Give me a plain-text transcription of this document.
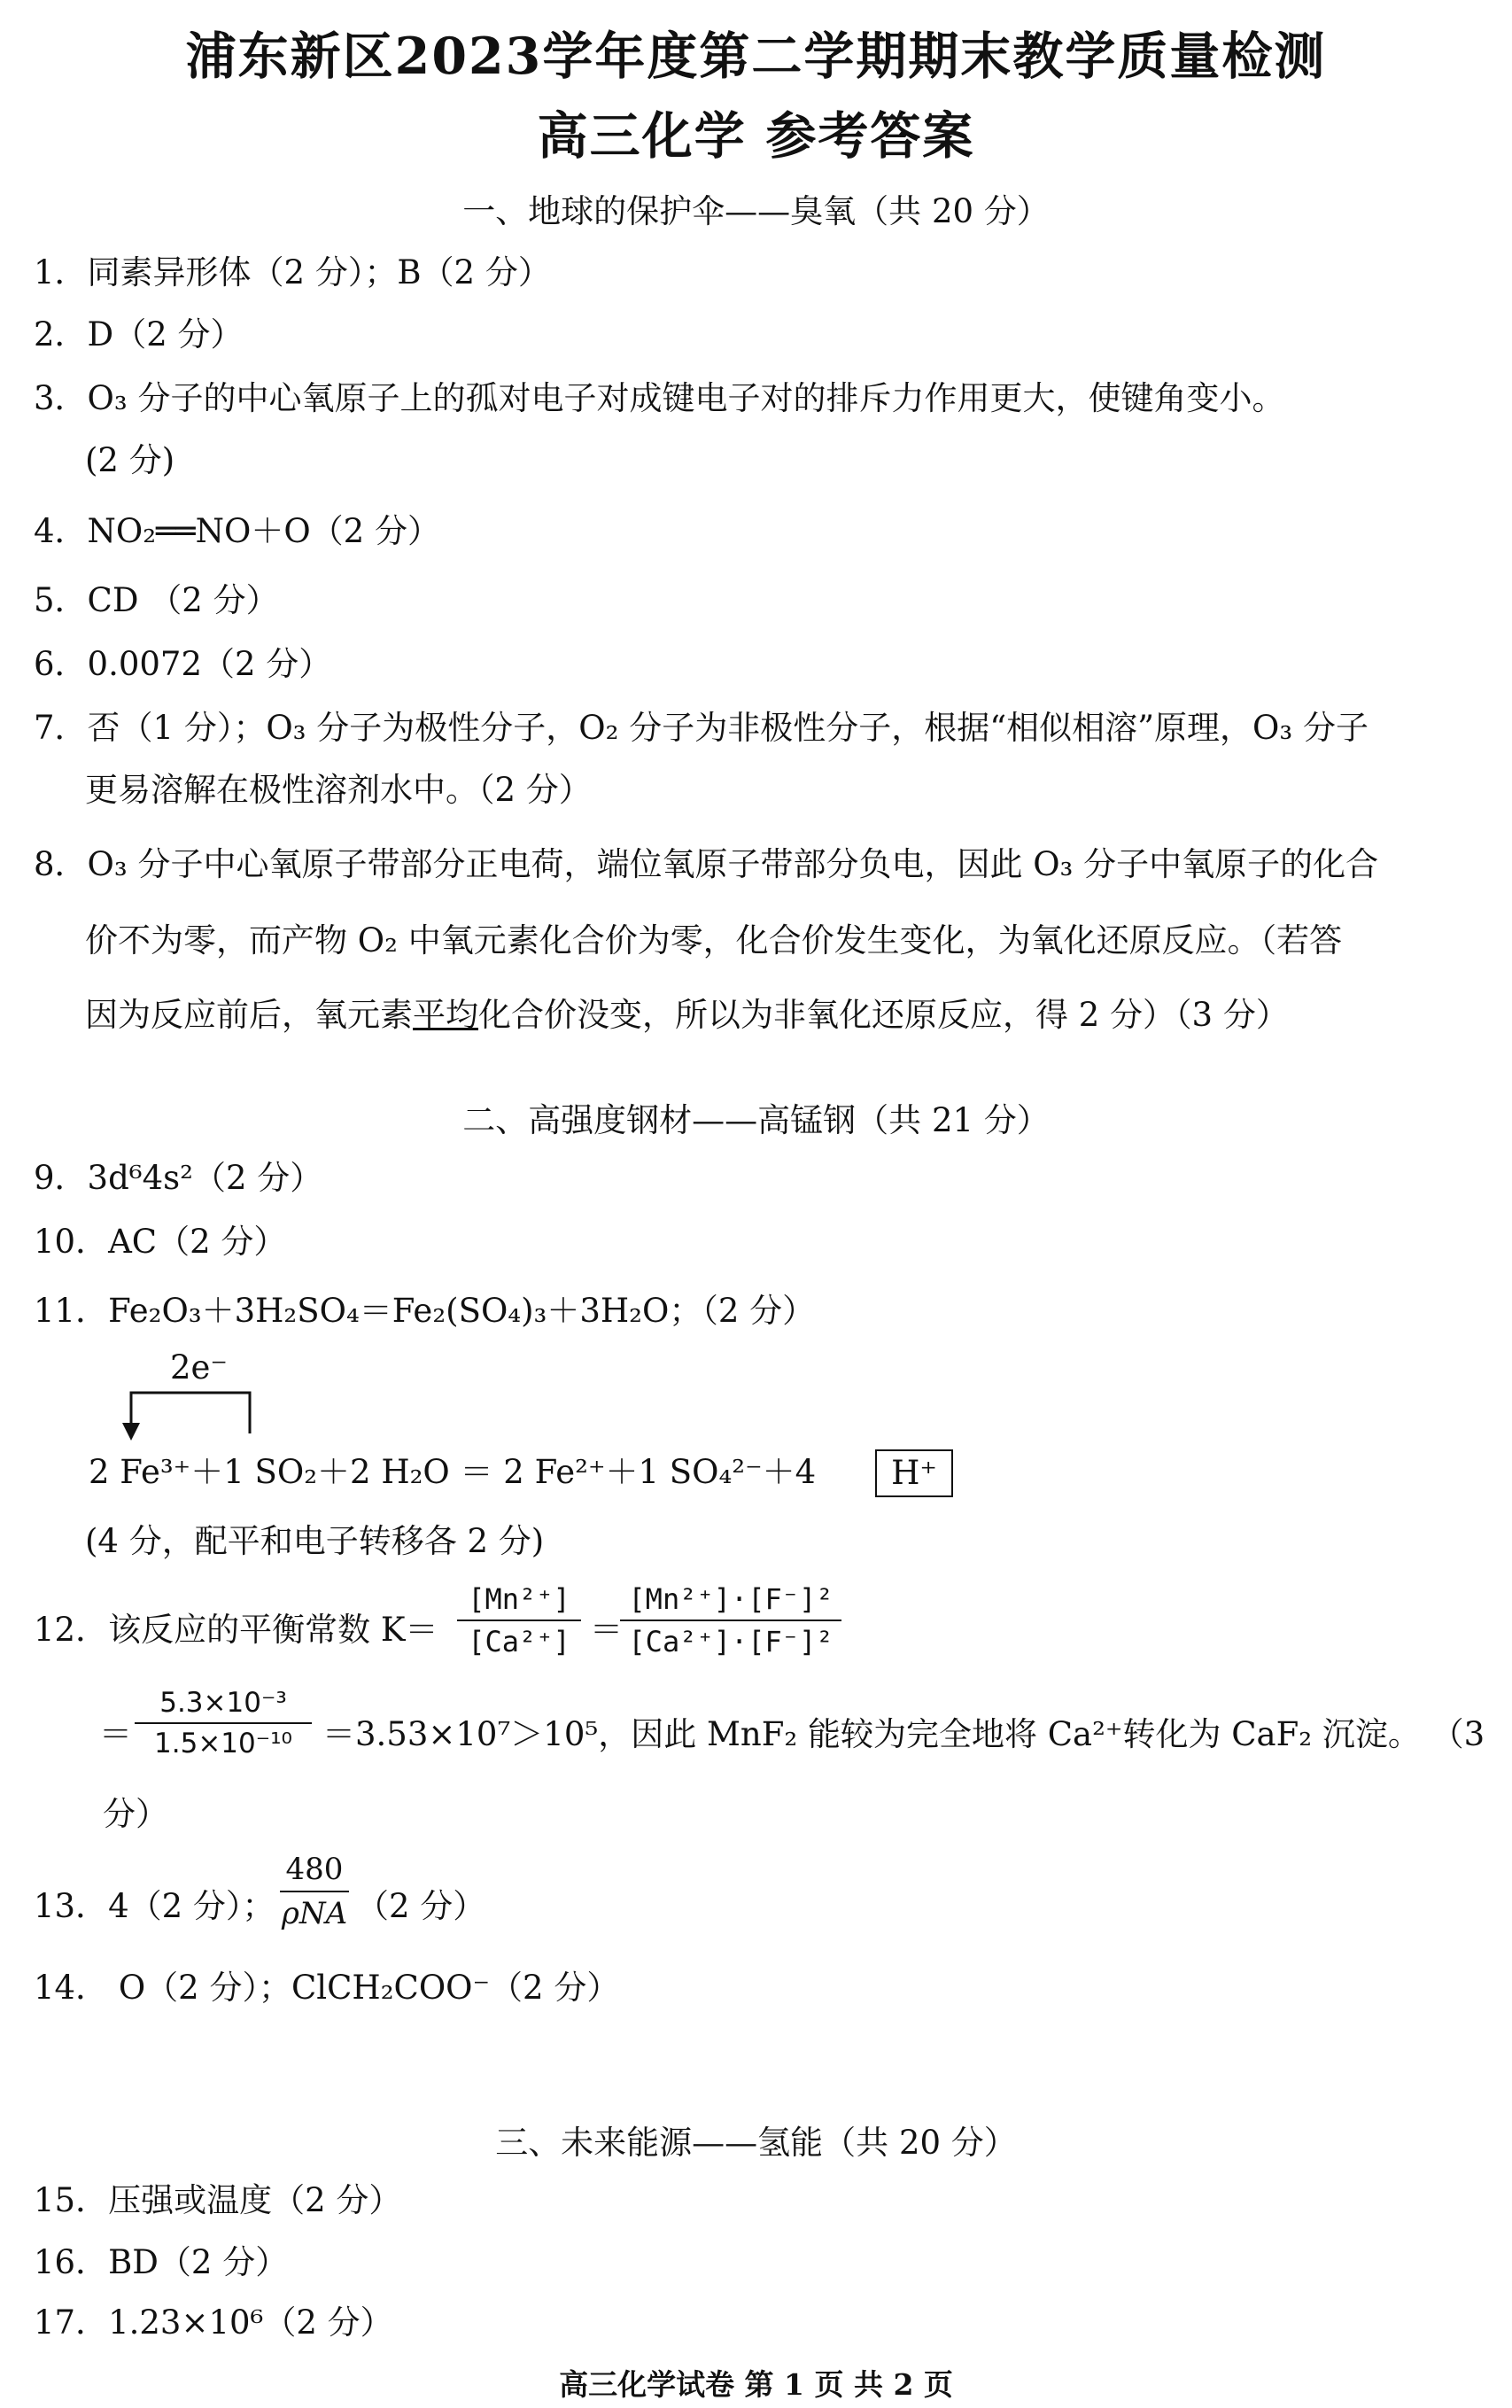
浦东新区2023学年度第二学期期末教学质量检测
高三化学 参考答案
一、地球的保护伞——臭氧（共 20 分）
1．同素异形体（2 分）；B（2 分）
2．D（2 分）
3．O₃ 分子的中心氧原子上的孤对电子对成键电子对的排斥力作用更大，使键角变小。
(2 分)
4．NO₂══NO＋O（2 分）
5．CD （2 分）
6．0.0072（2 分）
7．否（1 分）；O₃ 分子为极性分子，O₂ 分子为非极性分子，根据“相似相溶”原理，O₃ 分子
更易溶解在极性溶剂水中。（2 分）
8．O₃ 分子中心氧原子带部分正电荷，端位氧原子带部分负电，因此 O₃ 分子中氧原子的化合
价不为零，而产物 O₂ 中氧元素化合价为零，化合价发生变化，为氧化还原反应。（若答
因为反应前后，氧元素平均化合价没变，所以为非氧化还原反应，得 2 分）（3 分）
二、高强度钢材——高锰钢（共 21 分）
9．3d⁶4s²（2 分）
10．AC（2 分）
11．Fe₂O₃＋3H₂SO₄＝Fe₂(SO₄)₃＋3H₂O；（2 分）
2e⁻
2 Fe³⁺＋1 SO₂＋2 H₂O ＝ 2 Fe²⁺＋1 SO₄²⁻＋4	H⁺
(4 分，配平和电子转移各 2 分)
12．该反应的平衡常数 K＝
[Mn²⁺]
[Ca²⁺] ＝
[Mn²⁺]·[F⁻]²
[Ca²⁺]·[F⁻]²
＝
5.3×10⁻³
1.5×10⁻¹⁰ ＝3.53×10⁷＞10⁵，因此 MnF₂ 能较为完全地将 Ca²⁺转化为 CaF₂ 沉淀。 （3
分）
13．4（2 分）；
480
ρNA （2 分）
14． O（2 分）；ClCH₂COO⁻（2 分）
三、未来能源——氢能（共 20 分）
15．压强或温度（2 分）
16．BD（2 分）
17．1.23×10⁶（2 分）
高三化学试卷 第 1 页 共 2 页
